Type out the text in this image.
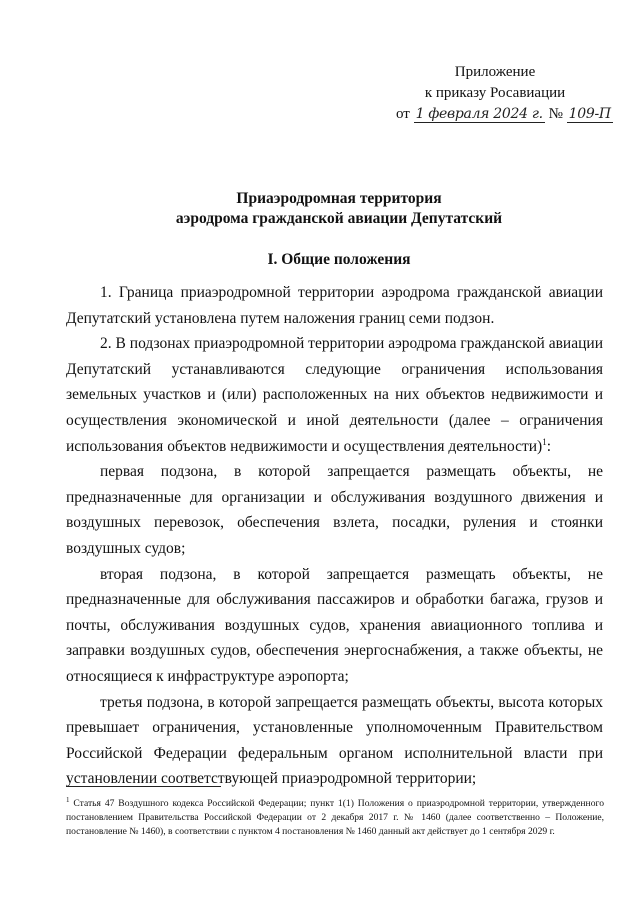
Приложение
к приказу Росавиации
от 1 февраля 2024 г. № 109-П

Приаэродромная территория

аэродрома гражданской авиации Депутатский

I. Общие положения

1. Граница приаэродромной территории аэродрома гражданской авиации Депутатский установлена путем наложения границ семи подзон.

2. В подзонах приаэродромной территории аэродрома гражданской авиации Депутатский устанавливаются следующие ограничения использования земельных участков и (или) расположенных на них объектов недвижимости и осуществления экономической и иной деятельности (далее – ограничения использования объектов недвижимости и осуществления деятельности)$^1$:

первая подзона, в которой запрещается размещать объекты, не предназначенные для организации и обслуживания воздушного движения и воздушных перевозок, обеспечения взлета, посадки, руления и стоянки воздушных судов;

вторая подзона, в которой запрещается размещать объекты, не предназначенные для обслуживания пассажиров и обработки багажа, грузов и почты, обслуживания воздушных судов, хранения авиационного топлива и заправки воздушных судов, обеспечения энергоснабжения, а также объекты, не относящиеся к инфраструктуре аэропорта;

третья подзона, в которой запрещается размещать объекты, высота которых превышает ограничения, установленные уполномоченным Правительством Российской Федерации федеральным органом исполнительной власти при установлении соответствующей приаэродромной территории;

$^1$ Статья 47 Воздушного кодекса Российской Федерации; пункт 1(1) Положения о приаэродромной территории, утвержденного постановлением Правительства Российской Федерации от 2 декабря 2017 г. № 1460 (далее соответственно – Положение, постановление № 1460), в соответствии с пунктом 4 постановления № 1460 данный акт действует до 1 сентября 2029 г.
